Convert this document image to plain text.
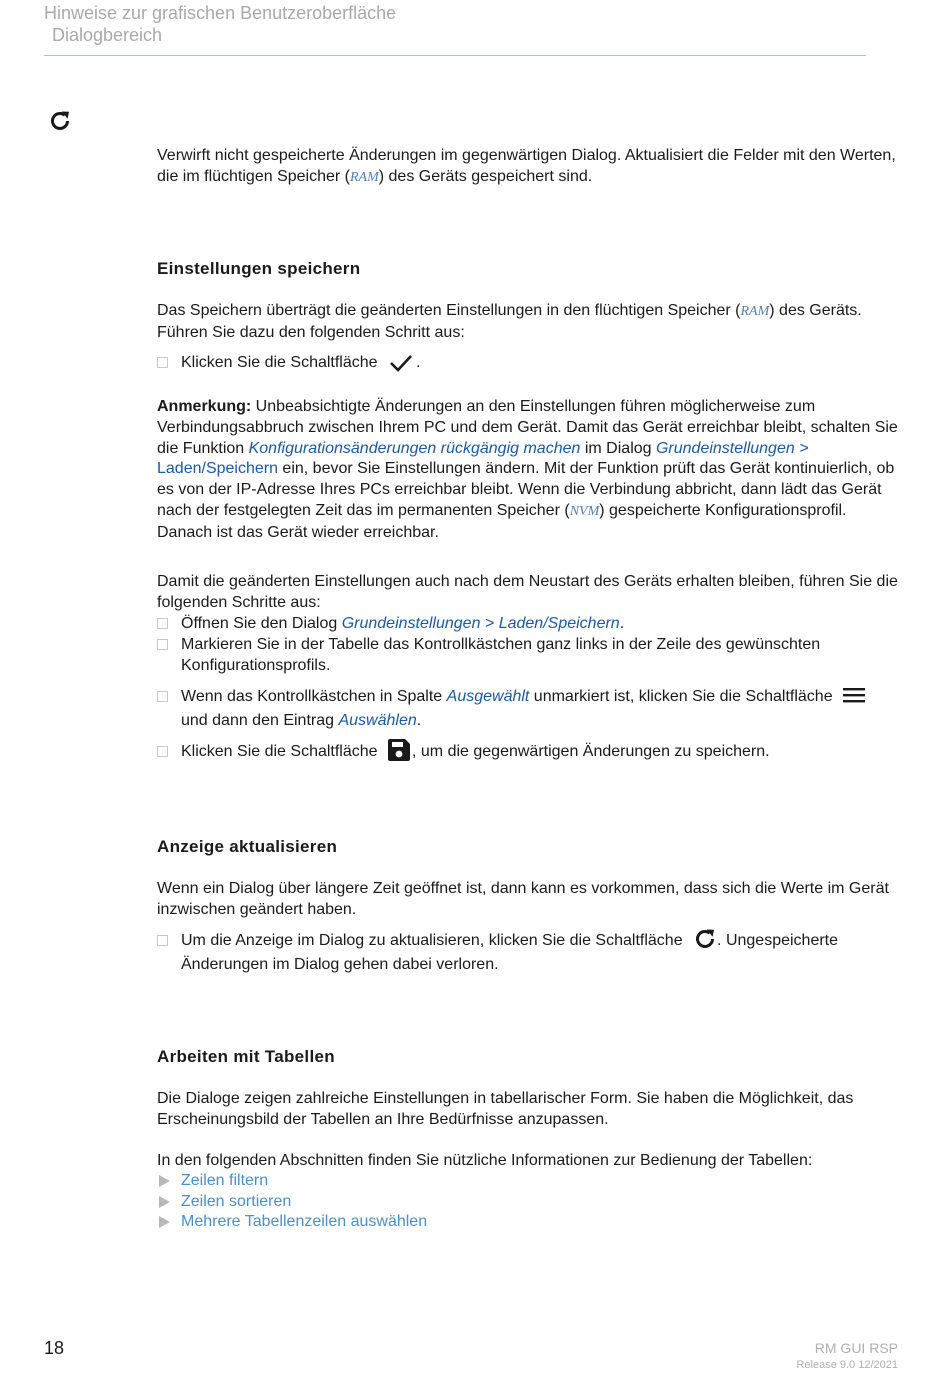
Hinweise zur grafischen Benutzeroberfläche
Dialogbereich
Verwirft nicht gespeicherte Änderungen im gegenwärtigen Dialog. Aktualisiert die Felder mit den Werten, die im flüchtigen Speicher (RAM) des Geräts gespeichert sind.
Einstellungen speichern
Das Speichern überträgt die geänderten Einstellungen in den flüchtigen Speicher (RAM) des Geräts. Führen Sie dazu den folgenden Schritt aus:
Klicken Sie die Schaltfläche .
Anmerkung: Unbeabsichtigte Änderungen an den Einstellungen führen möglicherweise zum Verbindungsabbruch zwischen Ihrem PC und dem Gerät. Damit das Gerät erreichbar bleibt, schalten Sie die Funktion Konfigurationsänderungen rückgängig machen im Dialog Grundeinstellungen > Laden/Speichern ein, bevor Sie Einstellungen ändern. Mit der Funktion prüft das Gerät kontinuierlich, ob es von der IP-Adresse Ihres PCs erreichbar bleibt. Wenn die Verbindung abbricht, dann lädt das Gerät nach der festgelegten Zeit das im permanenten Speicher (NVM) gespeicherte Konfigurationsprofil. Danach ist das Gerät wieder erreichbar.
Damit die geänderten Einstellungen auch nach dem Neustart des Geräts erhalten bleiben, führen Sie die folgenden Schritte aus:
Öffnen Sie den Dialog Grundeinstellungen > Laden/Speichern.
Markieren Sie in der Tabelle das Kontrollkästchen ganz links in der Zeile des gewünschten Konfigurationsprofils.
Wenn das Kontrollkästchen in Spalte Ausgewählt unmarkiert ist, klicken Sie die Schaltfläche
und dann den Eintrag Auswählen.
Klicken Sie die Schaltfläche , um die gegenwärtigen Änderungen zu speichern.
Anzeige aktualisieren
Wenn ein Dialog über längere Zeit geöffnet ist, dann kann es vorkommen, dass sich die Werte im Gerät inzwischen geändert haben.
Um die Anzeige im Dialog zu aktualisieren, klicken Sie die Schaltfläche . Ungespeicherte
Änderungen im Dialog gehen dabei verloren.
Arbeiten mit Tabellen
Die Dialoge zeigen zahlreiche Einstellungen in tabellarischer Form. Sie haben die Möglichkeit, das Erscheinungsbild der Tabellen an Ihre Bedürfnisse anzupassen.
In den folgenden Abschnitten finden Sie nützliche Informationen zur Bedienung der Tabellen:
Zeilen filtern
Zeilen sortieren
Mehrere Tabellenzeilen auswählen
18	RM GUI RSP
Release 9.0 12/2021
